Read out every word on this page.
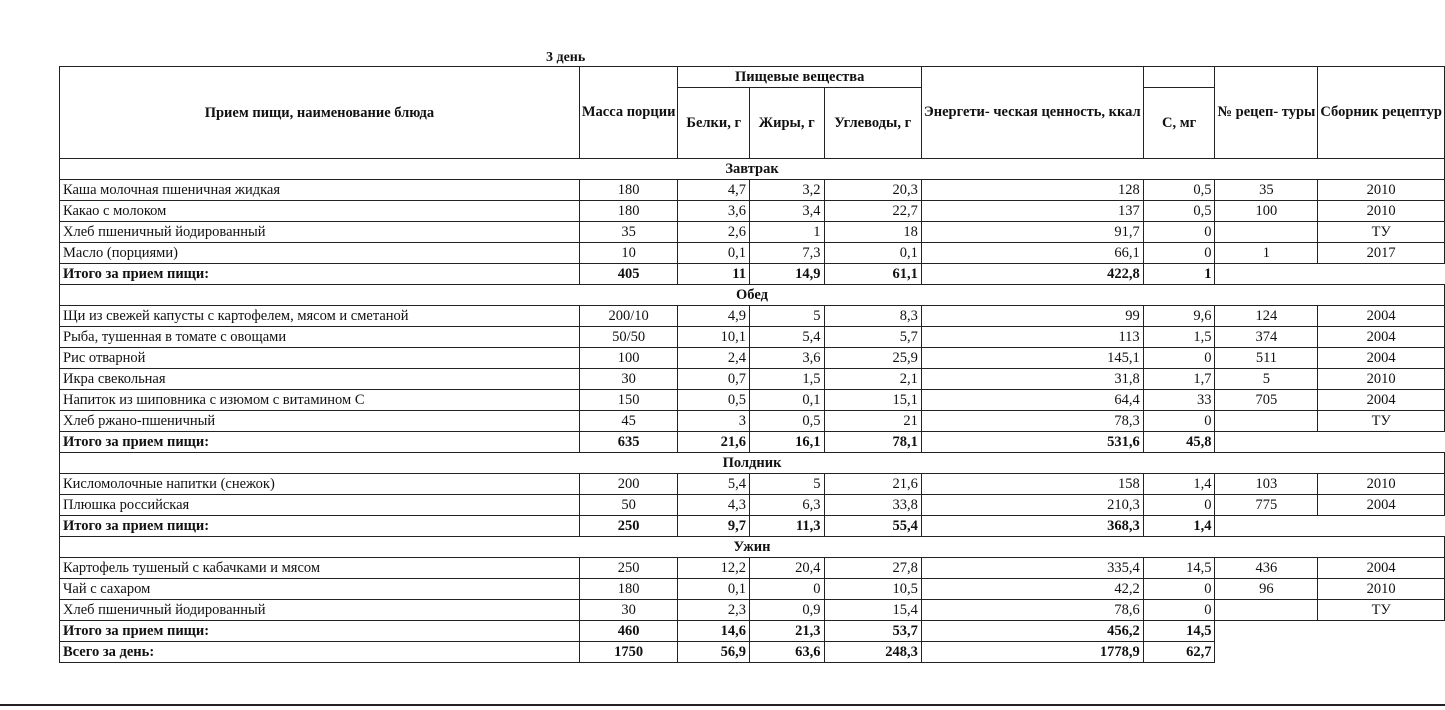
3 день
Прием пищи, наименование блюда	Масса порции	Пищевые вещества			Энергети- ческая ценность, ккал		№ рецеп- туры	Сборник рецептур
		Белки, г	Жиры, г	Углеводы, г		С, мг		
Завтрак								
Каша молочная пшеничная жидкая	180	4,7	3,2	20,3	128	0,5	35	2010
Какао с молоком	180	3,6	3,4	22,7	137	0,5	100	2010
Хлеб пшеничный йодированный	35	2,6	1	18	91,7	0		ТУ
Масло (порциями)	10	0,1	7,3	0,1	66,1	0	1	2017
Итого за прием пищи:	405	11	14,9	61,1	422,8	1		
Обед								
Щи из свежей капусты с картофелем, мясом и сметаной	200/10	4,9	5	8,3	99	9,6	124	2004
Рыба, тушенная в томате с овощами	50/50	10,1	5,4	5,7	113	1,5	374	2004
Рис отварной	100	2,4	3,6	25,9	145,1	0	511	2004
Икра свекольная	30	0,7	1,5	2,1	31,8	1,7	5	2010
Напиток из шиповника с изюмом с витамином С	150	0,5	0,1	15,1	64,4	33	705	2004
Хлеб ржано-пшеничный	45	3	0,5	21	78,3	0		ТУ
Итого за прием пищи:	635	21,6	16,1	78,1	531,6	45,8		
Полдник								
Кисломолочные напитки (снежок)	200	5,4	5	21,6	158	1,4	103	2010
Плюшка российская	50	4,3	6,3	33,8	210,3	0	775	2004
Итого за прием пищи:	250	9,7	11,3	55,4	368,3	1,4		
Ужин								
Картофель тушеный с кабачками и мясом	250	12,2	20,4	27,8	335,4	14,5	436	2004
Чай с сахаром	180	0,1	0	10,5	42,2	0	96	2010
Хлеб пшеничный йодированный	30	2,3	0,9	15,4	78,6	0		ТУ
Итого за прием пищи:	460	14,6	21,3	53,7	456,2	14,5		
Всего за день:	1750	56,9	63,6	248,3	1778,9	62,7		
